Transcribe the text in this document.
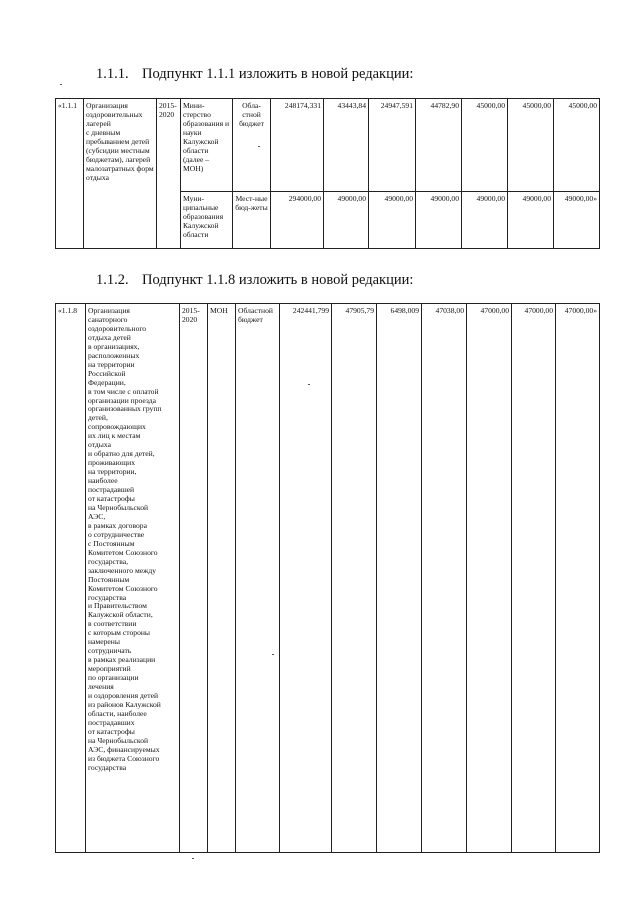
1.1.1. Подпункт 1.1.1 изложить в новой редакции:
«1.1.1	Организация оздоровительных лагерей
с дневным пребыванием детей (субсидии местным бюджетам), лагерей малозатратных форм отдыха	2015-2020	Мини-стерство образования и науки Калужской области (далее – МОН)	Обла-стной бюджет	248174,331	43443,84	24947,591	44782,90	45000,00	45000,00	45000,00
			Муни-ципальные образования Калужской области	Мест-ные бюд-жеты	294000,00	49000,00	49000,00	49000,00	49000,00	49000,00	49000,00»
1.1.2. Подпункт 1.1.8 изложить в новой редакции:
«1.1.8	Организация
санаторного
оздоровительного
отдыха детей
в организациях,
расположенных
на территории
Российской
Федерации,
в том числе с оплатой
организации проезда
организованных групп
детей,
сопровождающих
их лиц к местам
отдыха
и обратно для детей,
проживающих
на территории,
наиболее
пострадавшей
от катастрофы
на Чернобыльской
АЭС,
в рамках договора
о сотрудничестве
с Постоянным
Комитетом Союзного
государства,
заключенного между
Постоянным
Комитетом Союзного
государства
и Правительством
Калужской области,
в соответствии
с которым стороны
намерены
сотрудничать
в рамках реализации
мероприятий
по организации
лечения
и оздоровления детей
из районов Калужской
области, наиболее
пострадавших
от катастрофы
на Чернобыльской
АЭС, финансируемых
из бюджета Союзного
государства	2015-2020	МОН	Областной бюджет	242441,799	47905,79	6498,009	47038,00	47000,00	47000,00	47000,00»
